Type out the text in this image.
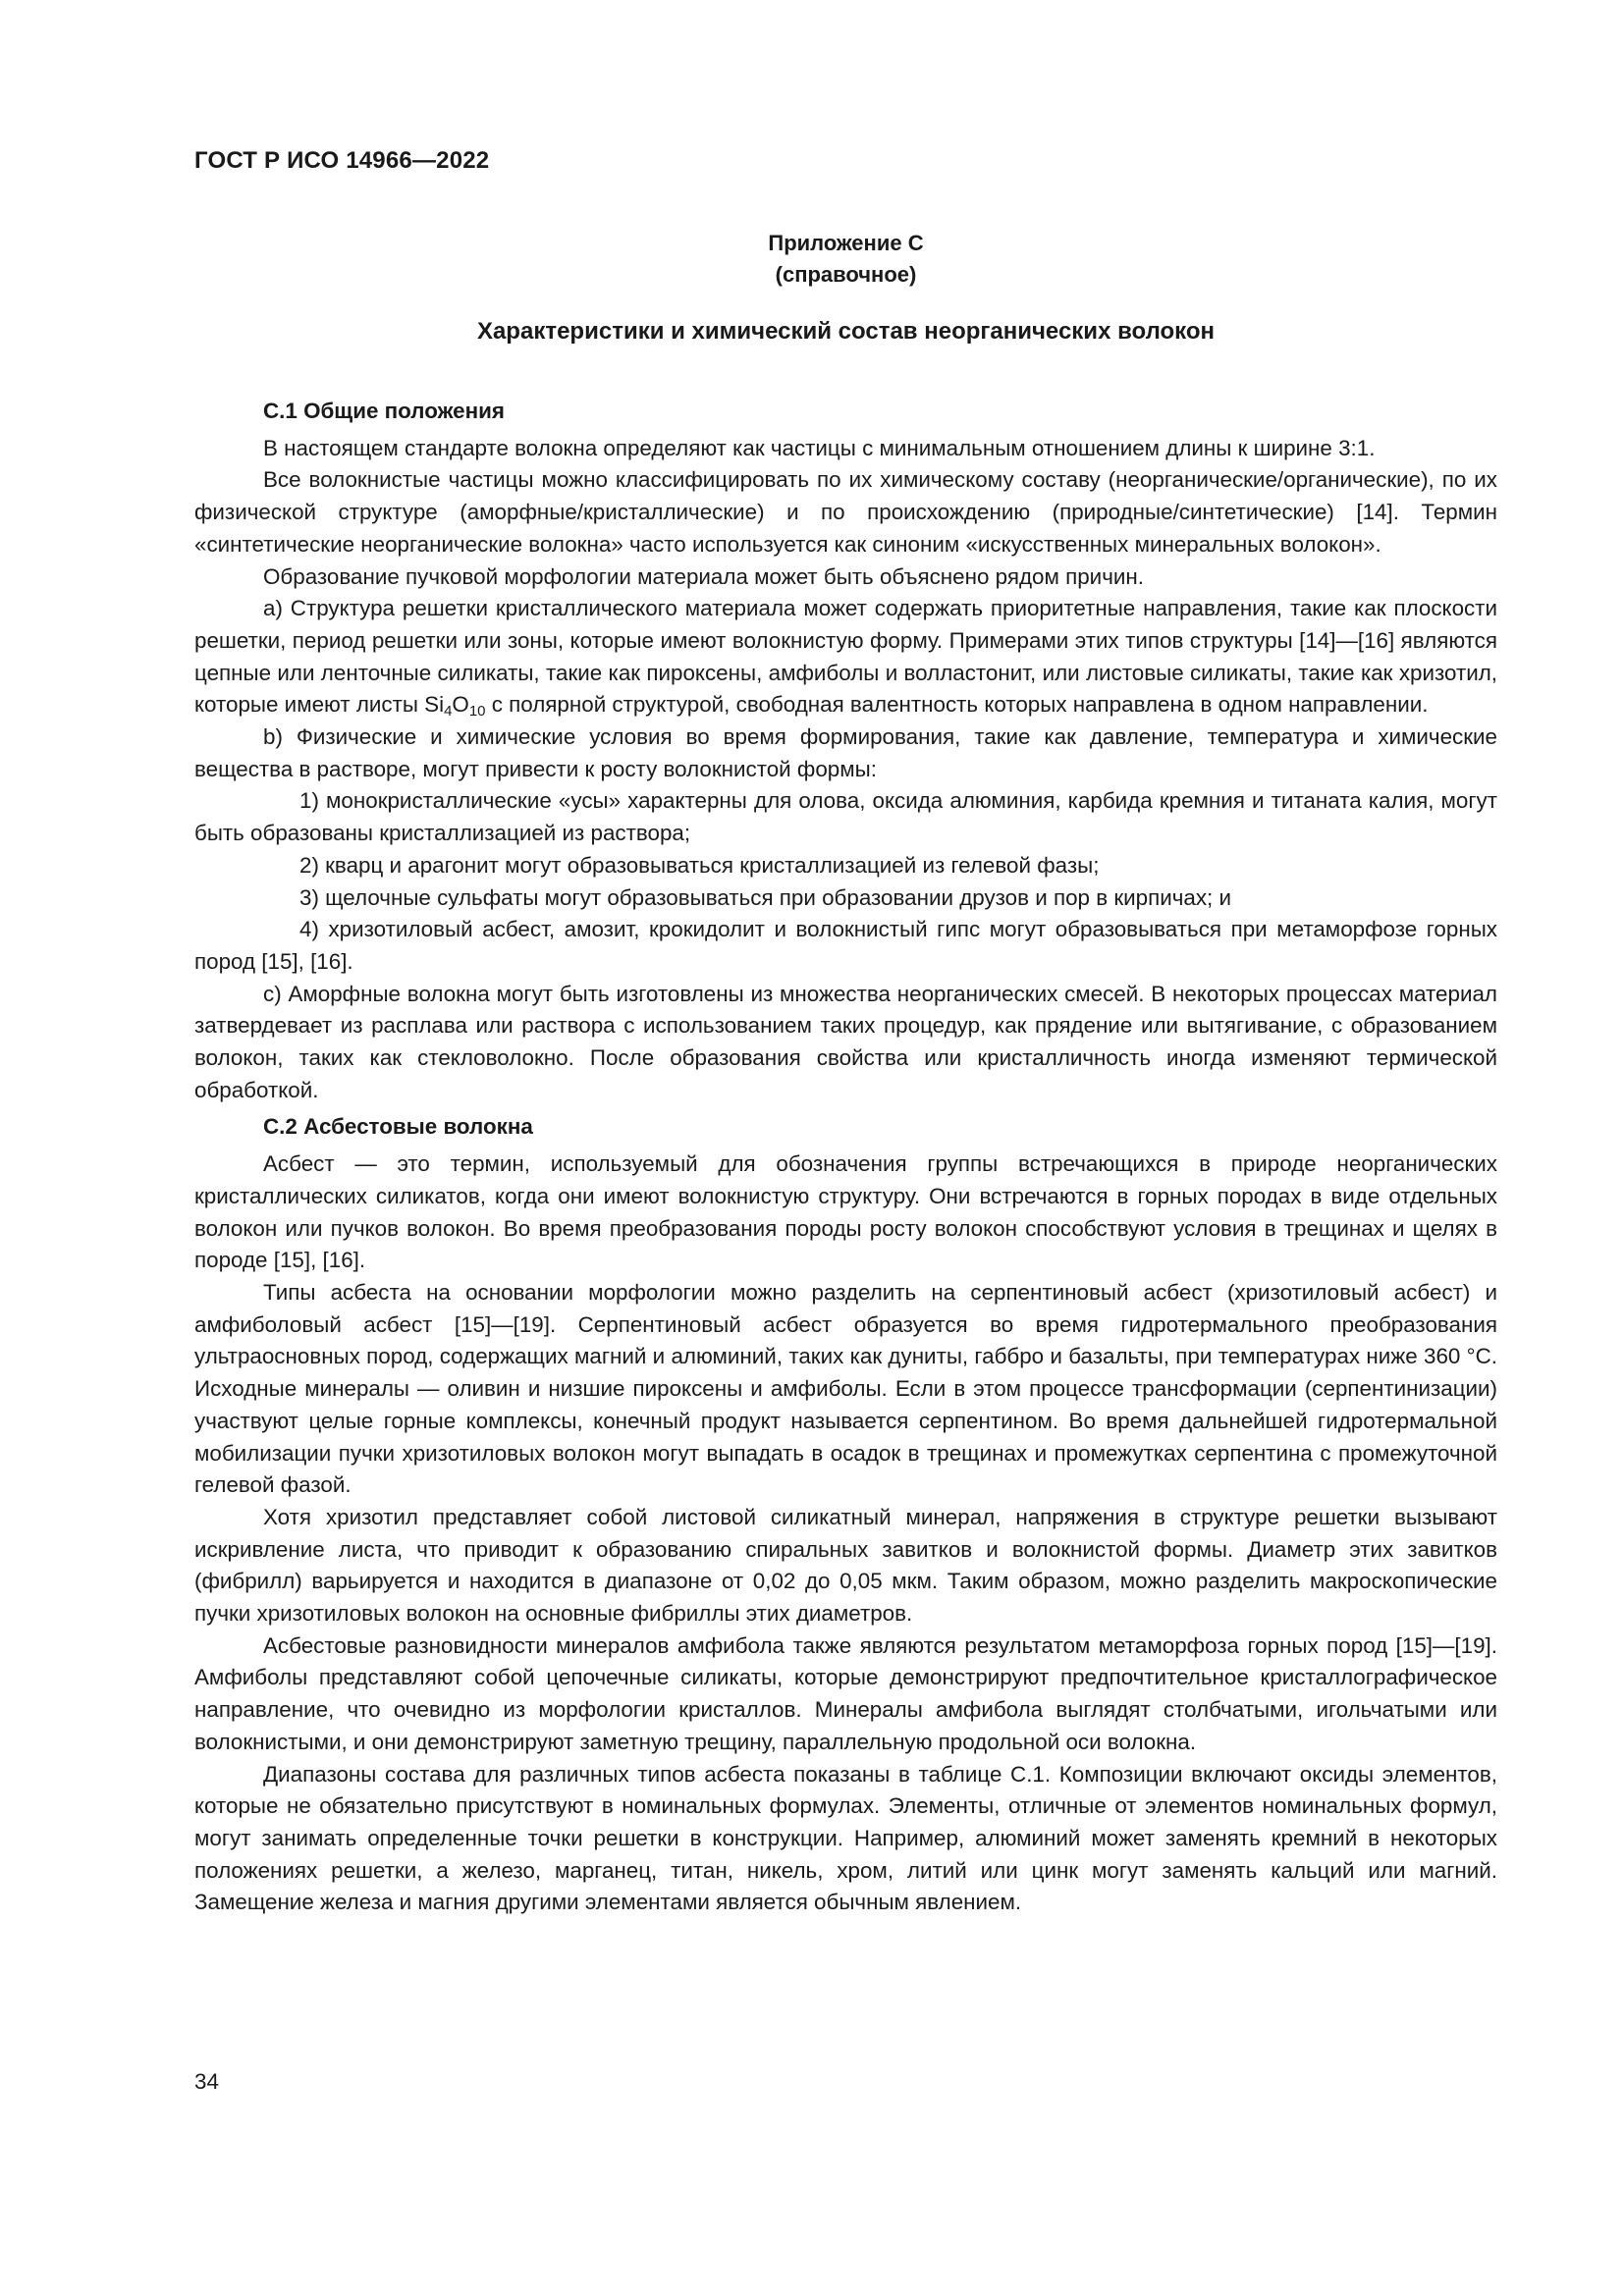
ГОСТ Р ИСО 14966—2022
Приложение С
(справочное)
Характеристики и химический состав неорганических волокон
С.1 Общие положения

В настоящем стандарте волокна определяют как частицы с минимальным отношением длины к ширине 3:1.

Все волокнистые частицы можно классифицировать по их химическому составу (неорганические/органические), по их физической структуре (аморфные/кристаллические) и по происхождению (природные/синтетические) [14]. Термин «синтетические неорганические волокна» часто используется как синоним «искусственных минеральных волокон».

Образование пучковой морфологии материала может быть объяснено рядом причин.

а) Структура решетки кристаллического материала может содержать приоритетные направления, такие как плоскости решетки, период решетки или зоны, которые имеют волокнистую форму. Примерами этих типов структуры [14]—[16] являются цепные или ленточные силикаты, такие как пироксены, амфиболы и волластонит, или листовые силикаты, такие как хризотил, которые имеют листы $Si_4O_{10}$ с полярной структурой, свободная валентность которых направлена в одном направлении.

b) Физические и химические условия во время формирования, такие как давление, температура и химические вещества в растворе, могут привести к росту волокнистой формы:

1) монокристаллические «усы» характерны для олова, оксида алюминия, карбида кремния и титаната калия, могут быть образованы кристаллизацией из раствора;

2) кварц и арагонит могут образовываться кристаллизацией из гелевой фазы;

3) щелочные сульфаты могут образовываться при образовании друзов и пор в кирпичах; и

4) хризотиловый асбест, амозит, крокидолит и волокнистый гипс могут образовываться при метаморфозе горных пород [15], [16].

с) Аморфные волокна могут быть изготовлены из множества неорганических смесей. В некоторых процессах материал затвердевает из расплава или раствора с использованием таких процедур, как прядение или вытягивание, с образованием волокон, таких как стекловолокно. После образования свойства или кристалличность иногда изменяют термической обработкой.

С.2 Асбестовые волокна

Асбест — это термин, используемый для обозначения группы встречающихся в природе неорганических кристаллических силикатов, когда они имеют волокнистую структуру. Они встречаются в горных породах в виде отдельных волокон или пучков волокон. Во время преобразования породы росту волокон способствуют условия в трещинах и щелях в породе [15], [16].

Типы асбеста на основании морфологии можно разделить на серпентиновый асбест (хризотиловый асбест) и амфиболовый асбест [15]—[19]. Серпентиновый асбест образуется во время гидротермального преобразования ультраосновных пород, содержащих магний и алюминий, таких как дуниты, габбро и базальты, при температурах ниже 360 °С. Исходные минералы — оливин и низшие пироксены и амфиболы. Если в этом процессе трансформации (серпентинизации) участвуют целые горные комплексы, конечный продукт называется серпентином. Во время дальнейшей гидротермальной мобилизации пучки хризотиловых волокон могут выпадать в осадок в трещинах и промежутках серпентина с промежуточной гелевой фазой.

Хотя хризотил представляет собой листовой силикатный минерал, напряжения в структуре решетки вызывают искривление листа, что приводит к образованию спиральных завитков и волокнистой формы. Диаметр этих завитков (фибрилл) варьируется и находится в диапазоне от 0,02 до 0,05 мкм. Таким образом, можно разделить макроскопические пучки хризотиловых волокон на основные фибриллы этих диаметров.

Асбестовые разновидности минералов амфибола также являются результатом метаморфоза горных пород [15]—[19]. Амфиболы представляют собой цепочечные силикаты, которые демонстрируют предпочтительное кристаллографическое направление, что очевидно из морфологии кристаллов. Минералы амфибола выглядят столбчатыми, игольчатыми или волокнистыми, и они демонстрируют заметную трещину, параллельную продольной оси волокна.

Диапазоны состава для различных типов асбеста показаны в таблице С.1. Композиции включают оксиды элементов, которые не обязательно присутствуют в номинальных формулах. Элементы, отличные от элементов номинальных формул, могут занимать определенные точки решетки в конструкции. Например, алюминий может заменять кремний в некоторых положениях решетки, а железо, марганец, титан, никель, хром, литий или цинк могут заменять кальций или магний. Замещение железа и магния другими элементами является обычным явлением.

34
